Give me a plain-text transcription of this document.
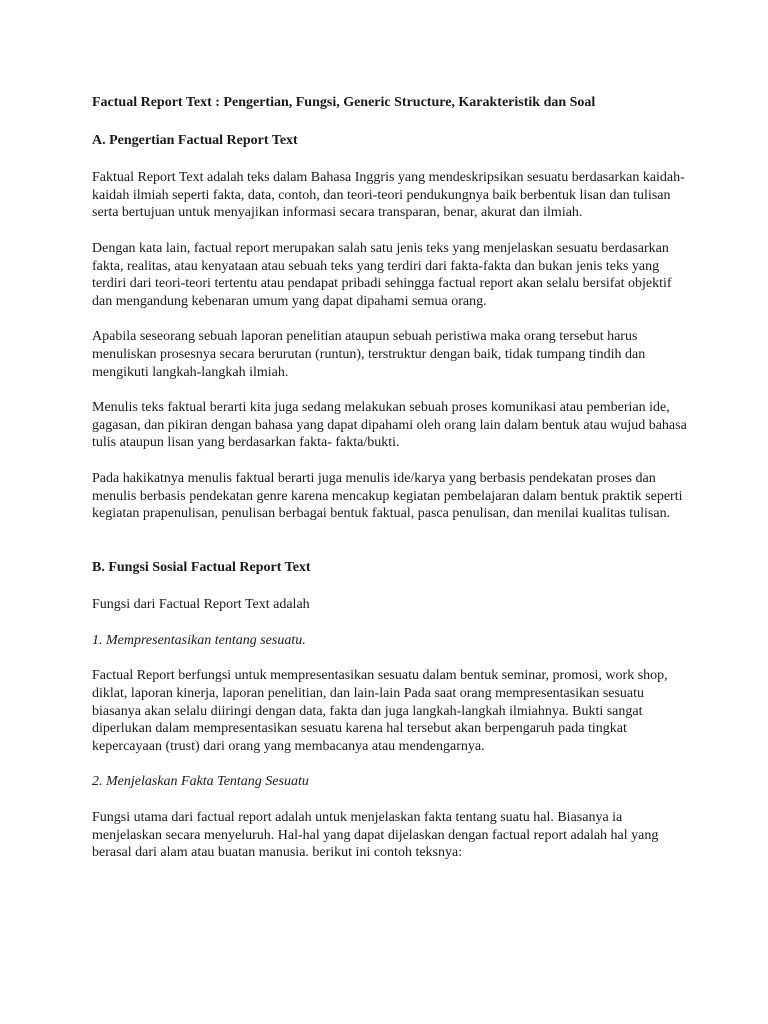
Factual Report Text : Pengertian, Fungsi, Generic Structure, Karakteristik dan Soal
A. Pengertian Factual Report Text

Faktual Report Text adalah teks dalam Bahasa Inggris yang mendeskripsikan sesuatu berdasarkan kaidah-kaidah ilmiah seperti fakta, data, contoh, dan teori-teori pendukungnya baik berbentuk lisan dan tulisan serta bertujuan untuk menyajikan informasi secara transparan, benar, akurat dan ilmiah.

Dengan kata lain, factual report merupakan salah satu jenis teks yang menjelaskan sesuatu berdasarkan fakta, realitas, atau kenyataan atau sebuah teks yang terdiri dari fakta-fakta dan bukan jenis teks yang terdiri dari teori-teori tertentu atau pendapat pribadi sehingga factual report akan selalu bersifat objektif dan mengandung kebenaran umum yang dapat dipahami semua orang.

Apabila seseorang sebuah laporan penelitian ataupun sebuah peristiwa maka orang tersebut harus menuliskan prosesnya secara berurutan (runtun), terstruktur dengan baik, tidak tumpang tindih dan mengikuti langkah-langkah ilmiah.

Menulis teks faktual berarti kita juga sedang melakukan sebuah proses komunikasi atau pemberian ide, gagasan, dan pikiran dengan bahasa yang dapat dipahami oleh orang lain dalam bentuk atau wujud bahasa tulis ataupun lisan yang berdasarkan fakta- fakta/bukti.

Pada hakikatnya menulis faktual berarti juga menulis ide/karya yang berbasis pendekatan proses dan menulis berbasis pendekatan genre karena mencakup kegiatan pembelajaran dalam bentuk praktik seperti kegiatan prapenulisan, penulisan berbagai bentuk faktual, pasca penulisan, dan menilai kualitas tulisan.

B. Fungsi Sosial Factual Report Text

Fungsi dari Factual Report Text adalah

1. Mempresentasikan tentang sesuatu.

Factual Report berfungsi untuk mempresentasikan sesuatu dalam bentuk seminar, promosi, work shop, diklat, laporan kinerja, laporan penelitian, dan lain-lain Pada saat orang mempresentasikan sesuatu biasanya akan selalu diiringi dengan data, fakta dan juga langkah-langkah ilmiahnya. Bukti sangat diperlukan dalam mempresentasikan sesuatu karena hal tersebut akan berpengaruh pada tingkat kepercayaan (trust) dari orang yang membacanya atau mendengarnya.

2. Menjelaskan Fakta Tentang Sesuatu

Fungsi utama dari factual report adalah untuk menjelaskan fakta tentang suatu hal. Biasanya ia menjelaskan secara menyeluruh. Hal-hal yang dapat dijelaskan dengan factual report adalah hal yang berasal dari alam atau buatan manusia. berikut ini contoh teksnya:
